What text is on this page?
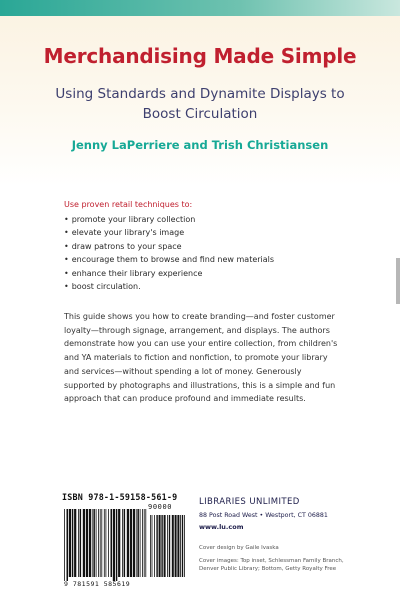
Merchandising Made Simple
Using Standards and Dynamite Displays to Boost Circulation
Jenny LaPerriere and Trish Christiansen
Use proven retail techniques to:
• promote your library collection
• elevate your library's image
• draw patrons to your space
• encourage them to browse and find new materials
• enhance their library experience
• boost circulation.

This guide shows you how to create branding—and foster customer loyalty—through signage, arrangement, and displays. The authors demonstrate how you can use your entire collection, from children's and YA materials to fiction and nonfiction, to promote your library and services—without spending a lot of money. Generously supported by photographs and illustrations, this is a simple and fun approach that can produce profound and immediate results.

ISBN 978-1-59158-561-9
90000
9 781591 585619
LIBRARIES UNLIMITED
88 Post Road West • Westport, CT 06881
www.lu.com
Cover design by Gaile Ivaska
Cover images: Top inset, Schlessman Family Branch, Denver Public Library; Bottom, Getty Royalty Free
